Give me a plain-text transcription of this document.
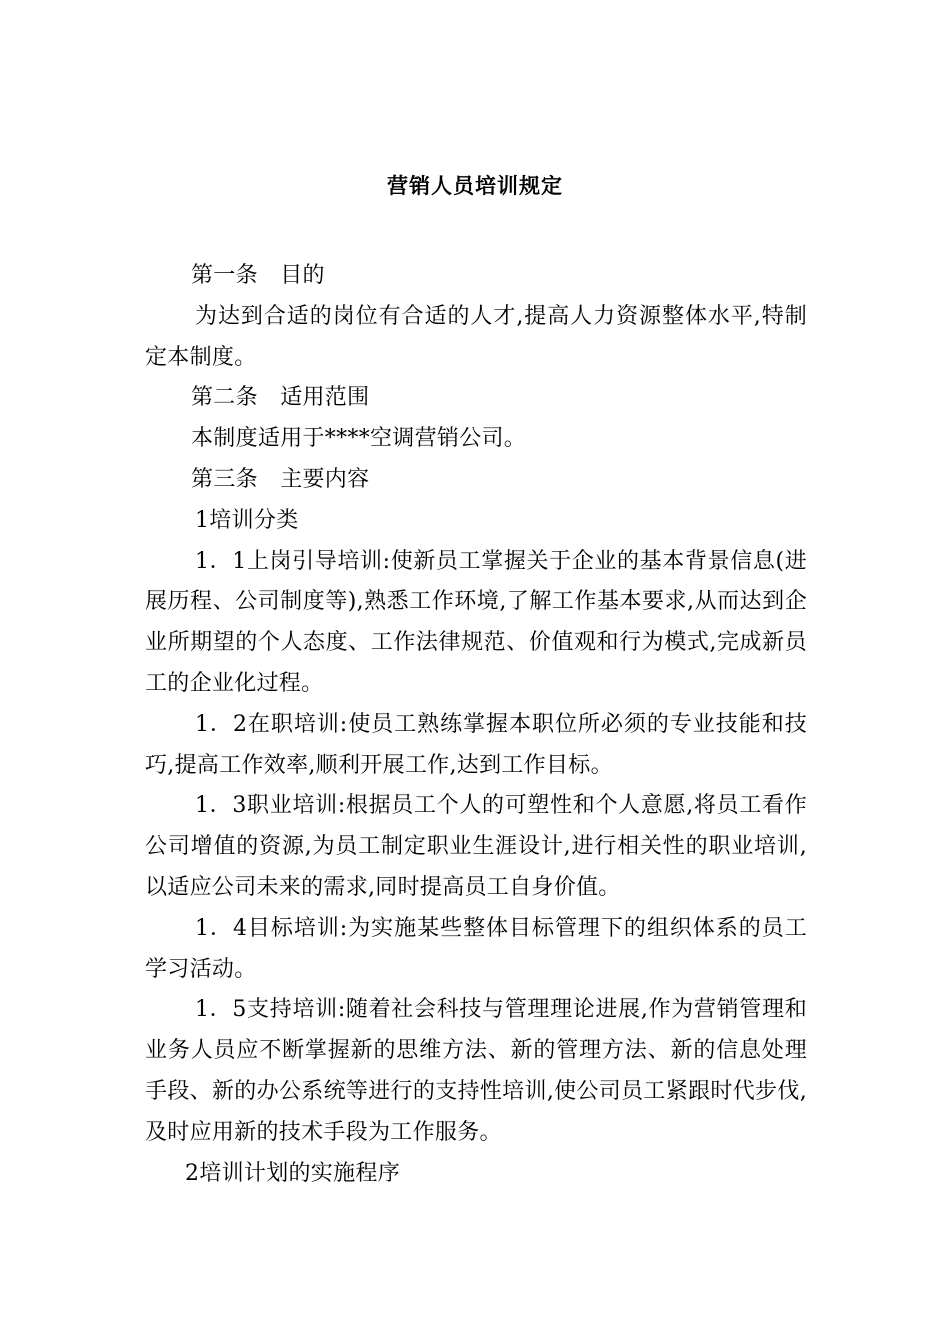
营销人员培训规定

第一条　目的

为达到合适的岗位有合适的人才,提高人力资源整体水平,特制定本制度。

第二条　适用范围

本制度适用于****空调营销公司。

第三条　主要内容

1培训分类

1．1上岗引导培训:使新员工掌握关于企业的基本背景信息(进展历程、公司制度等),熟悉工作环境,了解工作基本要求,从而达到企业所期望的个人态度、工作法律规范、价值观和行为模式,完成新员工的企业化过程。

1．2在职培训:使员工熟练掌握本职位所必须的专业技能和技巧,提高工作效率,顺利开展工作,达到工作目标。

1．3职业培训:根据员工个人的可塑性和个人意愿,将员工看作公司增值的资源,为员工制定职业生涯设计,进行相关性的职业培训,以适应公司未来的需求,同时提高员工自身价值。

1．4目标培训:为实施某些整体目标管理下的组织体系的员工学习活动。

1．5支持培训:随着社会科技与管理理论进展,作为营销管理和业务人员应不断掌握新的思维方法、新的管理方法、新的信息处理手段、新的办公系统等进行的支持性培训,使公司员工紧跟时代步伐,及时应用新的技术手段为工作服务。

2培训计划的实施程序
